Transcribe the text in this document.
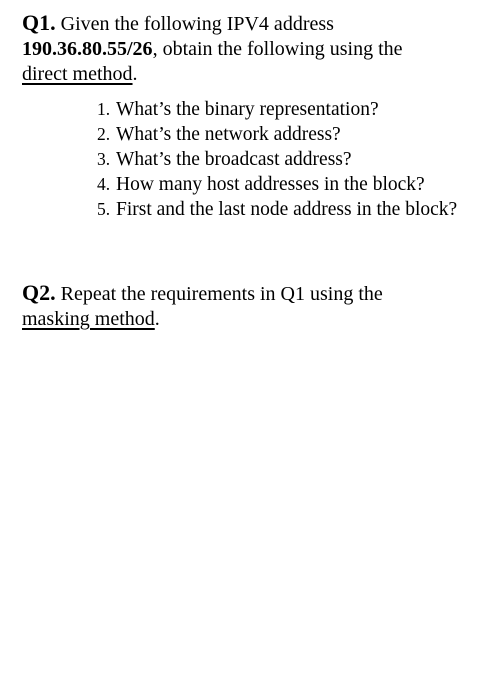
Q1. Given the following IPV4 address
190.36.80.55/26, obtain the following using the
direct method.
1. What’s the binary representation?
2. What’s the network address?
3. What’s the broadcast address?
4. How many host addresses in the block?
5. First and the last node address in the block?
Q2. Repeat the requirements in Q1 using the
masking method.
